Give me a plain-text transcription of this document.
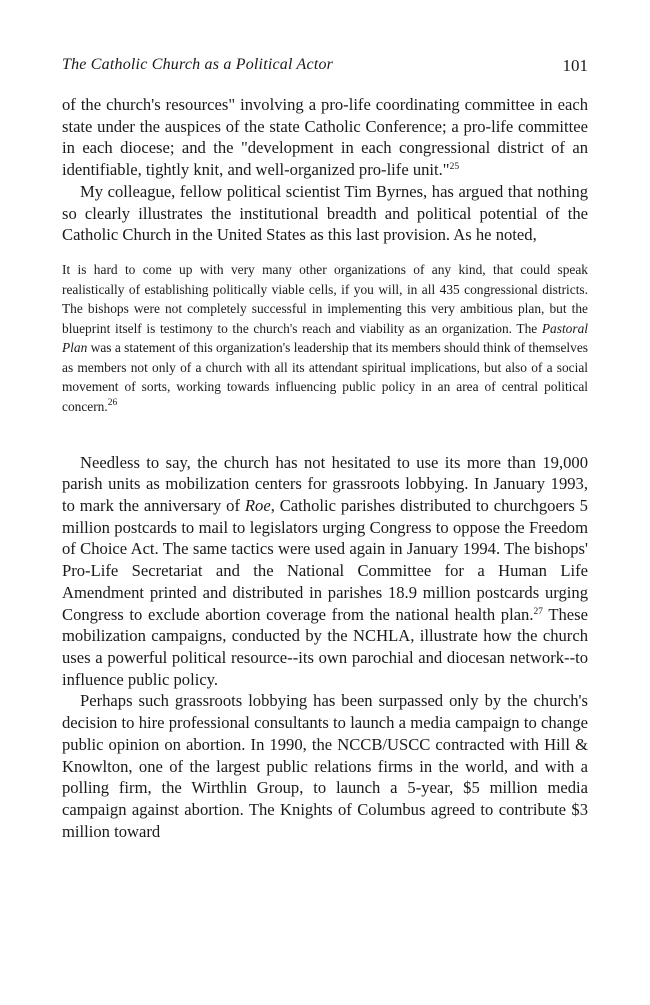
The Catholic Church as a Political Actor	101

of the church's resources" involving a pro-life coordinating committee in each state under the auspices of the state Catholic Conference; a pro-life committee in each diocese; and the "development in each congressional district of an identifiable, tightly knit, and well-organized pro-life unit."$^{25}$

My colleague, fellow political scientist Tim Byrnes, has argued that nothing so clearly illustrates the institutional breadth and political potential of the Catholic Church in the United States as this last provision. As he noted,

It is hard to come up with very many other organizations of any kind, that could speak realistically of establishing politically viable cells, if you will, in all 435 congressional districts. The bishops were not completely successful in implementing this very ambitious plan, but the blueprint itself is testimony to the church's reach and viability as an organization. The Pastoral Plan was a statement of this organization's leadership that its members should think of themselves as members not only of a church with all its attendant spiritual implications, but also of a social movement of sorts, working towards influencing public policy in an area of central political concern.$^{26}$

Needless to say, the church has not hesitated to use its more than 19,000 parish units as mobilization centers for grassroots lobbying. In January 1993, to mark the anniversary of Roe, Catholic parishes distributed to churchgoers 5 million postcards to mail to legislators urging Congress to oppose the Freedom of Choice Act. The same tactics were used again in January 1994. The bishops' Pro-Life Secretariat and the National Committee for a Human Life Amendment printed and distributed in parishes 18.9 million postcards urging Congress to exclude abortion coverage from the national health plan.$^{27}$ These mobilization campaigns, conducted by the NCHLA, illustrate how the church uses a powerful political resource--its own parochial and diocesan network--to influence public policy.

Perhaps such grassroots lobbying has been surpassed only by the church's decision to hire professional consultants to launch a media campaign to change public opinion on abortion. In 1990, the NCCB/USCC contracted with Hill & Knowlton, one of the largest public relations firms in the world, and with a polling firm, the Wirthlin Group, to launch a 5-year, $5 million media campaign against abortion. The Knights of Columbus agreed to contribute $3 million toward
